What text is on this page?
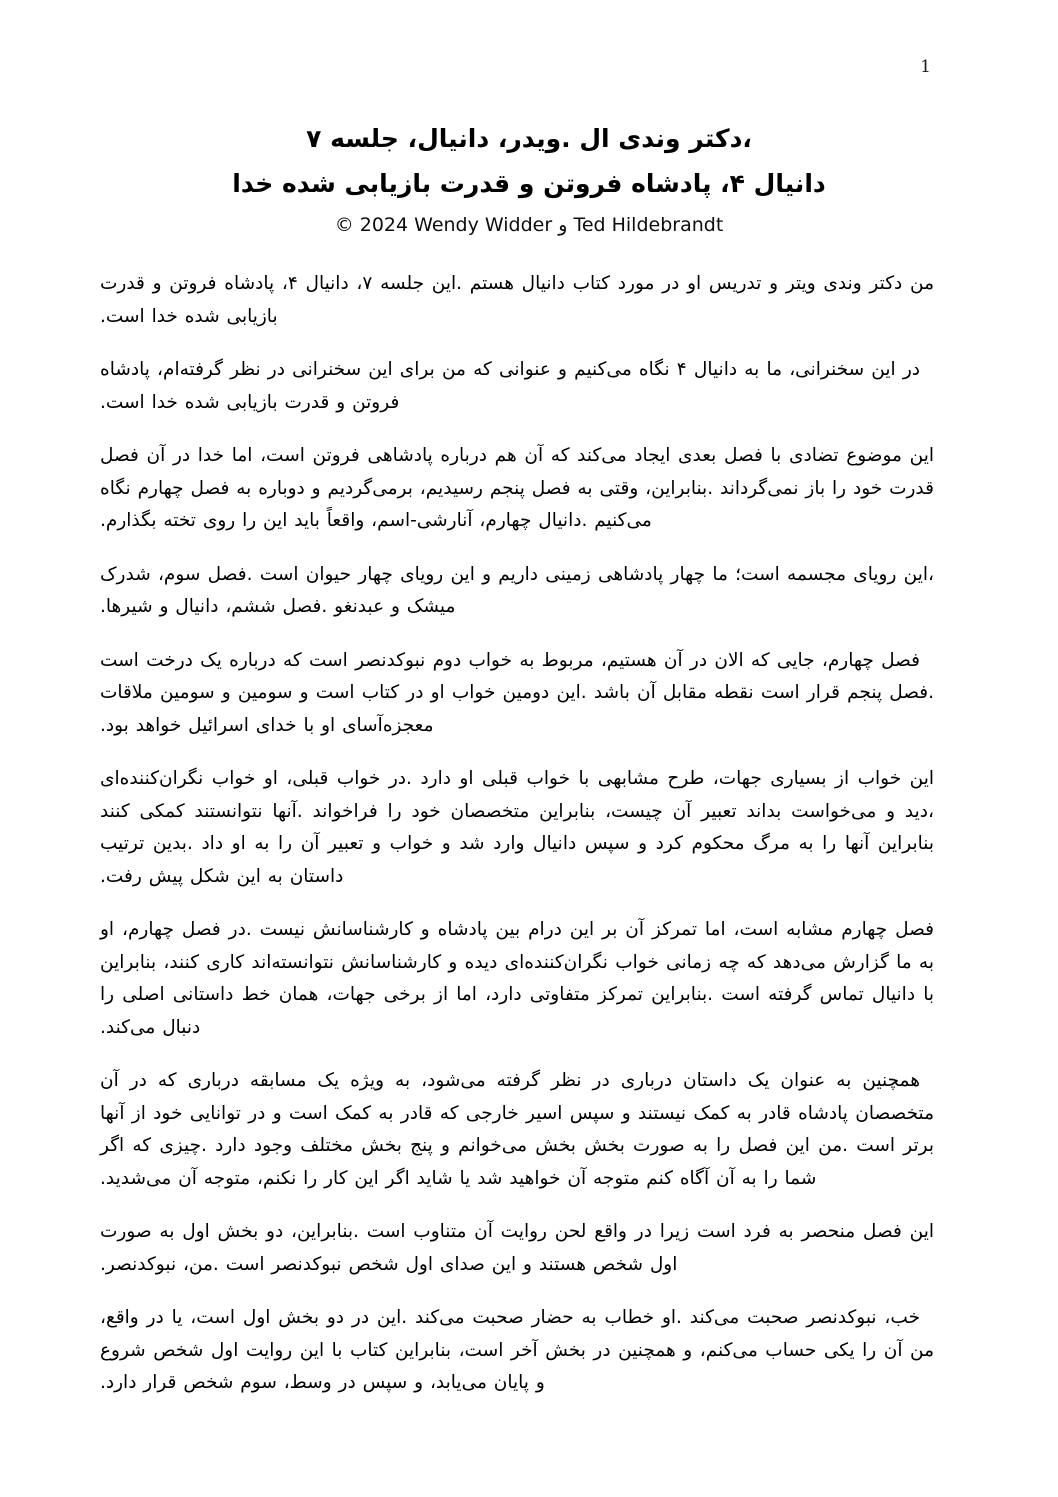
1
،دکتر وندی ال .ویدر، دانیال، جلسه ۷
دانیال ۴، پادشاه فروتن و قدرت بازیابی شده خدا
© 2024 Wendy Widder و Ted Hildebrandt

من دکتر وندی ویتر و تدریس او در مورد کتاب دانیال هستم .این جلسه ۷، دانیال ۴، پادشاه فروتن و قدرت بازیابی شده خدا است.

در این سخنرانی، ما به دانیال ۴ نگاه می‌کنیم و عنوانی که من برای این سخنرانی در نظر گرفته‌ام، پادشاه فروتن و قدرت بازیابی شده خدا است.

این موضوع تضادی با فصل بعدی ایجاد می‌کند که آن هم درباره پادشاهی فروتن است، اما خدا در آن فصل قدرت خود را باز نمی‌گرداند .بنابراین، وقتی به فصل پنجم رسیدیم، برمی‌گردیم و دوباره به فصل چهارم نگاه می‌کنیم .دانیال چهارم، آنارشی-اسم، واقعاً باید این را روی تخته بگذارم.

،این رویای مجسمه است؛ ما چهار پادشاهی زمینی داریم و این رویای چهار حیوان است .فصل سوم، شدرک میشک و عبدنغو .فصل ششم، دانیال و شیرها.

فصل چهارم، جایی که الان در آن هستیم، مربوط به خواب دوم نبوکدنصر است که درباره یک درخت است .فصل پنجم قرار است نقطه مقابل آن باشد .این دومین خواب او در کتاب است و سومین و سومین ملاقات معجزه‌آسای او با خدای اسرائیل خواهد بود.

این خواب از بسیاری جهات، طرح مشابهی با خواب قبلی او دارد .در خواب قبلی، او خواب نگران‌کننده‌ای ،دید و می‌خواست بداند تعبیر آن چیست، بنابراین متخصصان خود را فراخواند .آنها نتوانستند کمکی کنند بنابراین آنها را به مرگ محکوم کرد و سپس دانیال وارد شد و خواب و تعبیر آن را به او داد .بدین ترتیب داستان به این شکل پیش رفت.

فصل چهارم مشابه است، اما تمرکز آن بر این درام بین پادشاه و کارشناسانش نیست .در فصل چهارم، او به ما گزارش می‌دهد که چه زمانی خواب نگران‌کننده‌ای دیده و کارشناسانش نتوانسته‌اند کاری کنند، بنابراین با دانیال تماس گرفته است .بنابراین تمرکز متفاوتی دارد، اما از برخی جهات، همان خط داستانی اصلی را دنبال می‌کند.

همچنین به عنوان یک داستان درباری در نظر گرفته می‌شود، به ویژه یک مسابقه درباری که در آن متخصصان پادشاه قادر به کمک نیستند و سپس اسیر خارجی که قادر به کمک است و در توانایی خود از آنها برتر است .من این فصل را به صورت بخش بخش می‌خوانم و پنج بخش مختلف وجود دارد .چیزی که اگر شما را به آن آگاه کنم متوجه آن خواهید شد یا شاید اگر این کار را نکنم، متوجه آن می‌شدید.

این فصل منحصر به فرد است زیرا در واقع لحن روایت آن متناوب است .بنابراین، دو بخش اول به صورت اول شخص هستند و این صدای اول شخص نبوکدنصر است .من، نبوکدنصر.

خب، نبوکدنصر صحبت می‌کند .او خطاب به حضار صحبت می‌کند .این در دو بخش اول است، یا در واقع، من آن را یکی حساب می‌کنم، و همچنین در بخش آخر است، بنابراین کتاب با این روایت اول شخص شروع و پایان می‌یابد، و سپس در وسط، سوم شخص قرار دارد.
